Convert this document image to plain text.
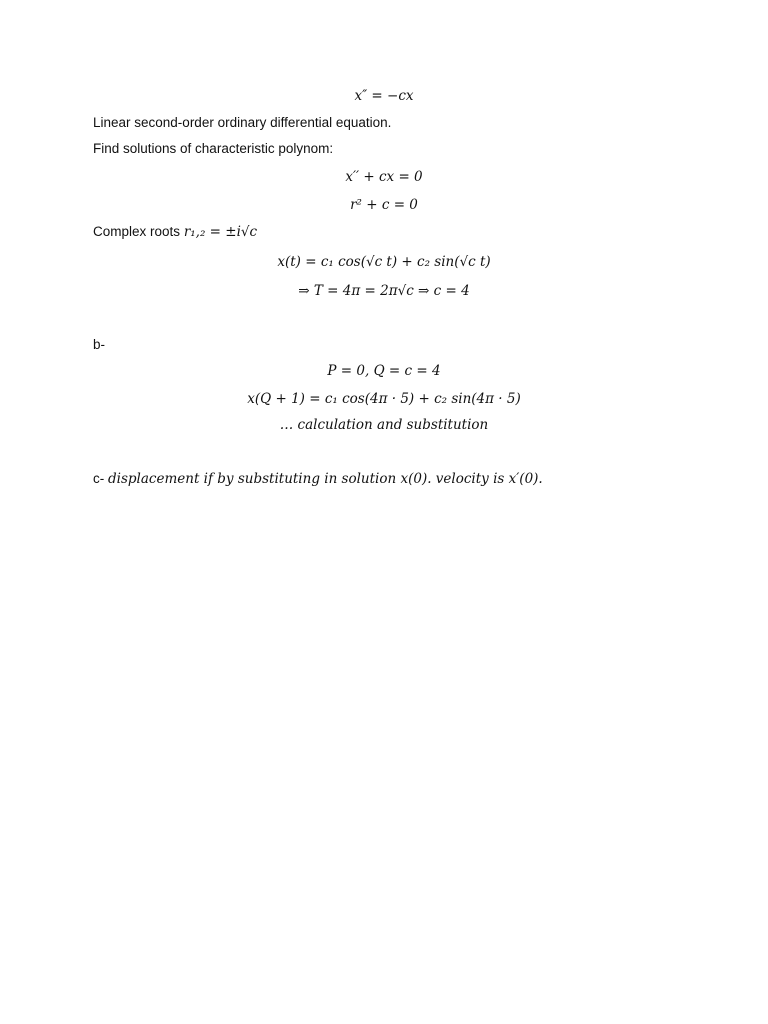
x″ = −cx
Linear second-order ordinary differential equation.
Find solutions of characteristic polynom:
x′′ + cx = 0
r² + c = 0
Complex roots r₁,₂ = ±i√c
x(t) = c₁ cos(√c t) + c₂ sin(√c t)
⇒ T = 4π = 2π√c ⇒ c = 4
b-
P = 0, Q = c = 4
x(Q + 1) = c₁ cos(4π · 5) + c₂ sin(4π · 5)
… calculation and substitution
c- displacement if by substituting in solution x(0). velocity is x′(0).
